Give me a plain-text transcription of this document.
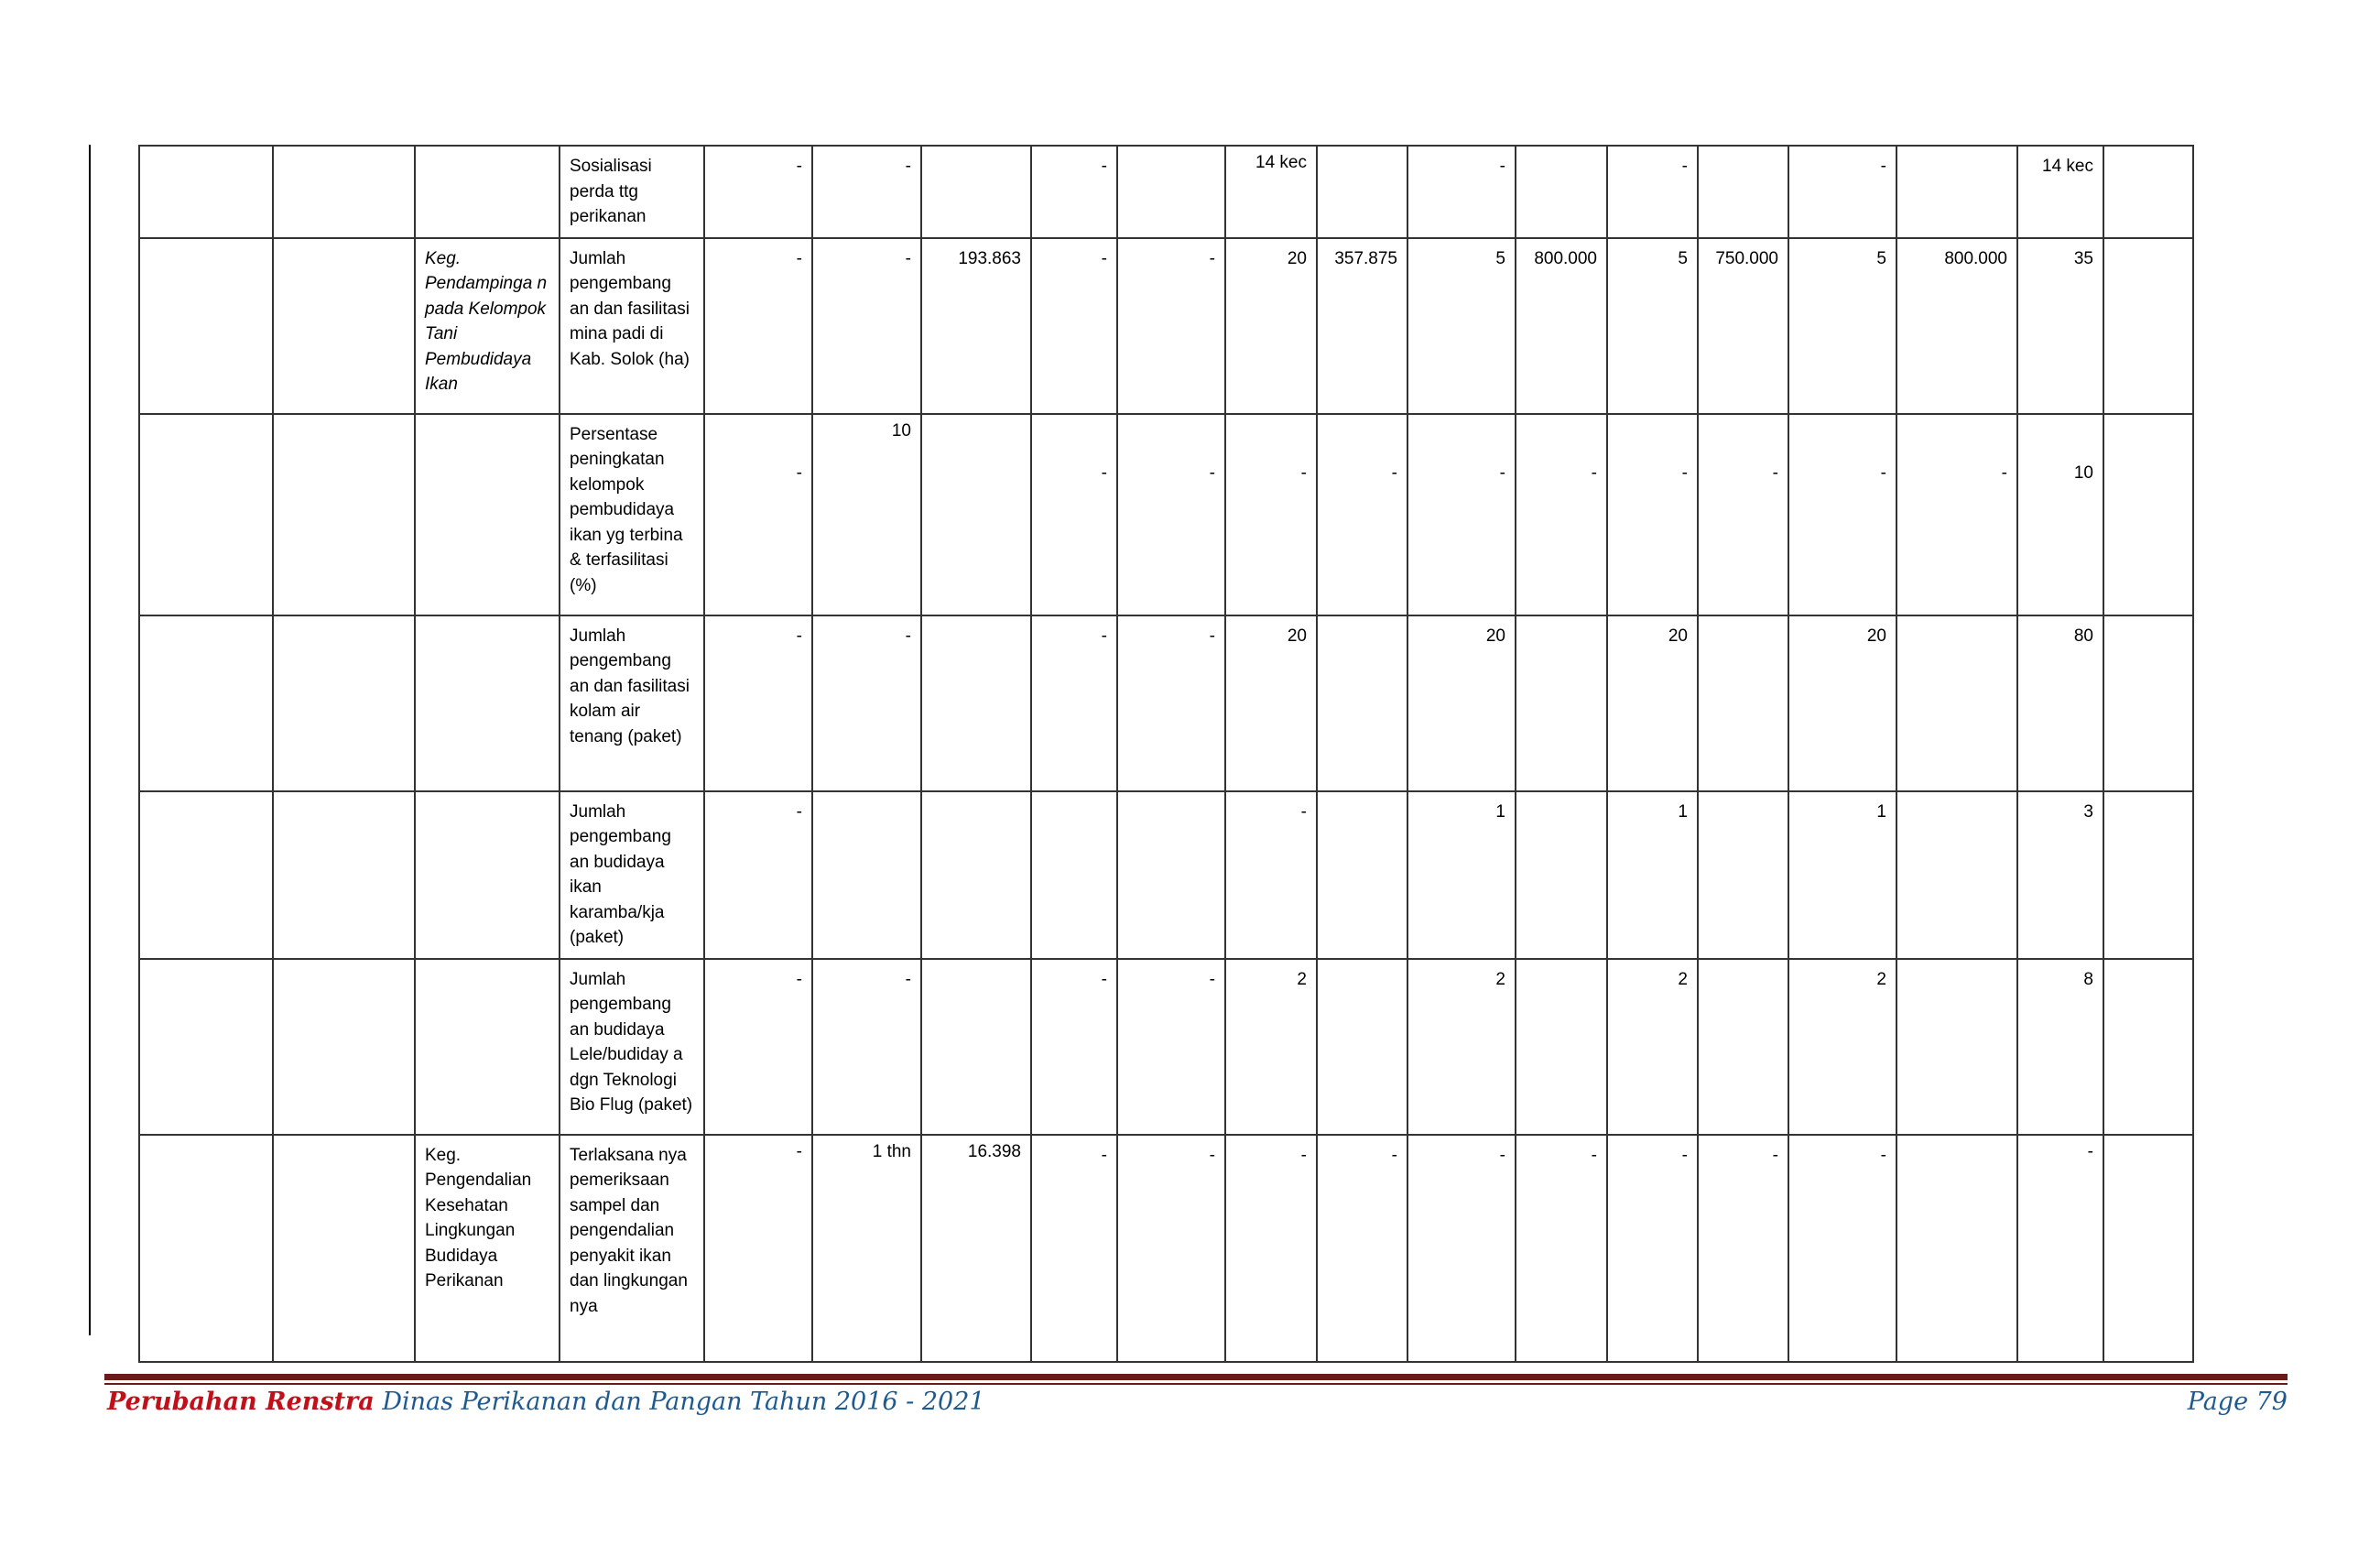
			Sosialisasi perda ttg perikanan	-	-		-		14 kec		-		-		-		14 kec	
		Keg. Pendampinga n pada Kelompok Tani Pembudidaya Ikan	Jumlah pengembang an dan fasilitasi mina padi di Kab. Solok (ha)	-	-	193.863	-	-	20	357.875	5	800.000	5	750.000	5	800.000	35	
			Persentase peningkatan kelompok pembudidaya ikan yg terbina & terfasilitasi (%)	-	10		-	-	-	-	-	-	-	-	-	-	10	
			Jumlah pengembang an dan fasilitasi kolam air tenang (paket)	-	-		-	-	20		20		20		20		80	
			Jumlah pengembang an budidaya ikan karamba/kja (paket)	-					-		1		1		1		3	
			Jumlah pengembang an budidaya Lele/budiday a dgn Teknologi Bio Flug (paket)	-	-		-	-	2		2		2		2		8	
		Keg. Pengendalian Kesehatan Lingkungan Budidaya Perikanan	Terlaksana nya pemeriksaan sampel dan pengendalian penyakit ikan dan lingkungan nya	-	1 thn	16.398	-	-	-	-	-	-	-	-	-		-	
Perubahan Renstra Dinas Perikanan dan Pangan Tahun 2016 - 2021	Page 79
